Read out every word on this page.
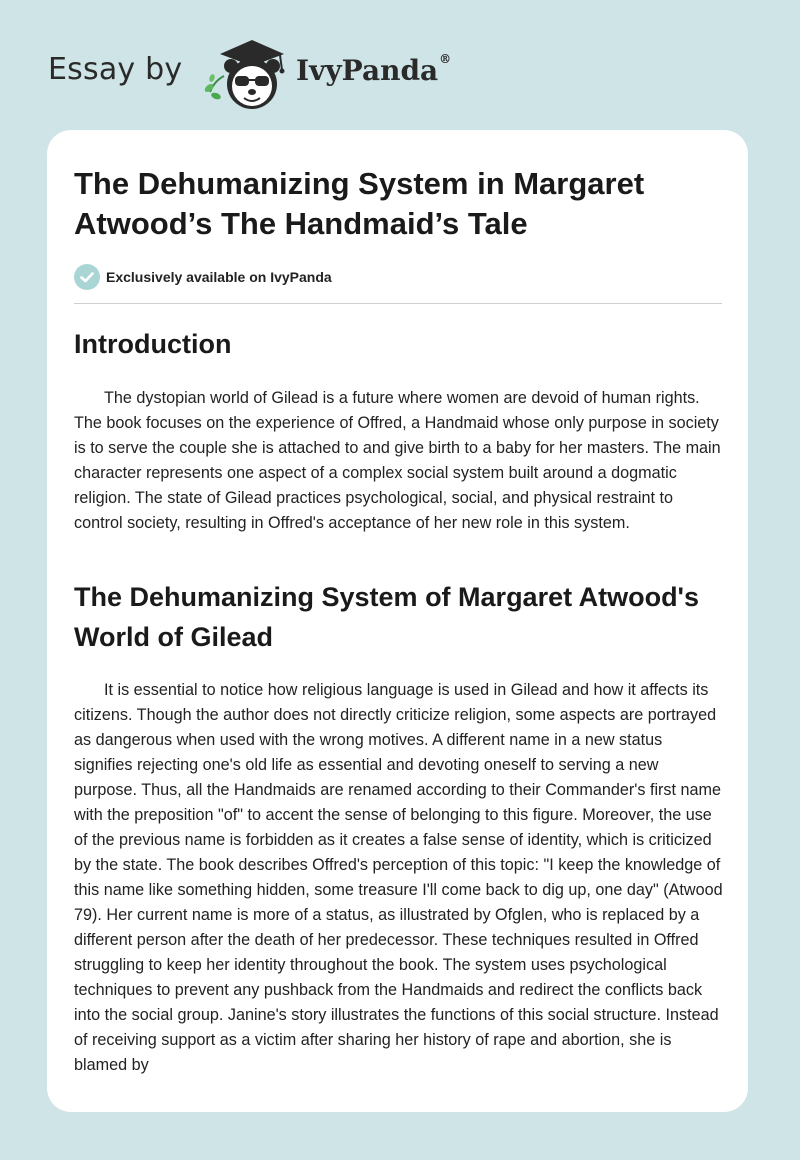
Essay by	IvyPanda®
The Dehumanizing System in Margaret Atwood’s The Handmaid’s Tale
Exclusively available on IvyPanda
Introduction

The dystopian world of Gilead is a future where women are devoid of human rights. The book focuses on the experience of Offred, a Handmaid whose only purpose in society is to serve the couple she is attached to and give birth to a baby for her masters. The main character represents one aspect of a complex social system built around a dogmatic religion. The state of Gilead practices psychological, social, and physical restraint to control society, resulting in Offred's acceptance of her new role in this system.

The Dehumanizing System of Margaret Atwood's World of Gilead

It is essential to notice how religious language is used in Gilead and how it affects its citizens. Though the author does not directly criticize religion, some aspects are portrayed as dangerous when used with the wrong motives. A different name in a new status signifies rejecting one's old life as essential and devoting oneself to serving a new purpose. Thus, all the Handmaids are renamed according to their Commander's first name with the preposition "of" to accent the sense of belonging to this figure. Moreover, the use of the previous name is forbidden as it creates a false sense of identity, which is criticized by the state. The book describes Offred's perception of this topic: "I keep the knowledge of this name like something hidden, some treasure I'll come back to dig up, one day" (Atwood 79). Her current name is more of a status, as illustrated by Ofglen, who is replaced by a different person after the death of her predecessor. These techniques resulted in Offred struggling to keep her identity throughout the book. The system uses psychological techniques to prevent any pushback from the Handmaids and redirect the conflicts back into the social group. Janine's story illustrates the functions of this social structure. Instead of receiving support as a victim after sharing her history of rape and abortion, she is blamed by
